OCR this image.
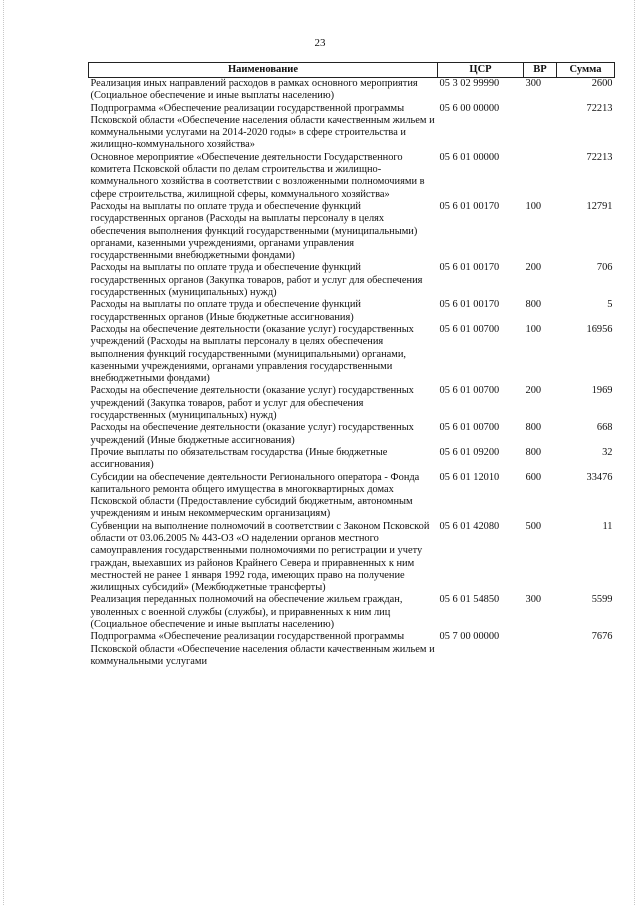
23
Наименование	ЦСР	ВР	Сумма
Реализация иных направлений расходов в рамках основного мероприятия (Социальное обеспечение и иные выплаты населению)	05 3 02 99990	300	2600
Подпрограмма «Обеспечение реализации государственной программы Псковской области «Обеспечение населения области качественным жильем и коммунальными услугами на 2014-2020 годы» в сфере строительства и жилищно-коммунального хозяйства»	05 6 00 00000		72213
Основное мероприятие «Обеспечение деятельности Государственного комитета Псковской области по делам строительства и жилищно-коммунального хозяйства в соответствии с возложенными полномочиями в сфере строительства, жилищной сферы, коммунального хозяйства»	05 6 01 00000		72213
Расходы на выплаты по оплате труда и обеспечение функций государственных органов (Расходы на выплаты персоналу в целях обеспечения выполнения функций государственными (муниципальными) органами, казенными учреждениями, органами управления государственными внебюджетными фондами)	05 6 01 00170	100	12791
Расходы на выплаты по оплате труда и обеспечение функций государственных органов (Закупка товаров, работ и услуг для обеспечения государственных (муниципальных) нужд)	05 6 01 00170	200	706
Расходы на выплаты по оплате труда и обеспечение функций государственных органов (Иные бюджетные ассигнования)	05 6 01 00170	800	5
Расходы на обеспечение деятельности (оказание услуг) государственных учреждений (Расходы на выплаты персоналу в целях обеспечения выполнения функций государственными (муниципальными) органами, казенными учреждениями, органами управления государственными внебюджетными фондами)	05 6 01 00700	100	16956
Расходы на обеспечение деятельности (оказание услуг) государственных учреждений (Закупка товаров, работ и услуг для обеспечения государственных (муниципальных) нужд)	05 6 01 00700	200	1969
Расходы на обеспечение деятельности (оказание услуг) государственных учреждений (Иные бюджетные ассигнования)	05 6 01 00700	800	668
Прочие выплаты по обязательствам государства (Иные бюджетные ассигнования)	05 6 01 09200	800	32
Субсидии на обеспечение деятельности Регионального оператора - Фонда капитального ремонта общего имущества в многоквартирных домах Псковской области (Предоставление субсидий бюджетным, автономным учреждениям и иным некоммерческим организациям)	05 6 01 12010	600	33476
Субвенции на выполнение полномочий в соответствии с Законом Псковской области от 03.06.2005 № 443-ОЗ «О наделении органов местного самоуправления государственными полномочиями по регистрации и учету граждан, выехавших из районов Крайнего Севера и приравненных к ним местностей не ранее 1 января 1992 года, имеющих право на получение жилищных субсидий» (Межбюджетные трансферты)	05 6 01 42080	500	11
Реализация переданных полномочий на обеспечение жильем граждан, уволенных с военной службы (службы), и приравненных к ним лиц (Социальное обеспечение и иные выплаты населению)	05 6 01 54850	300	5599
Подпрограмма «Обеспечение реализации государственной программы Псковской области «Обеспечение населения области качественным жильем и коммунальными услугами	05 7 00 00000		7676
